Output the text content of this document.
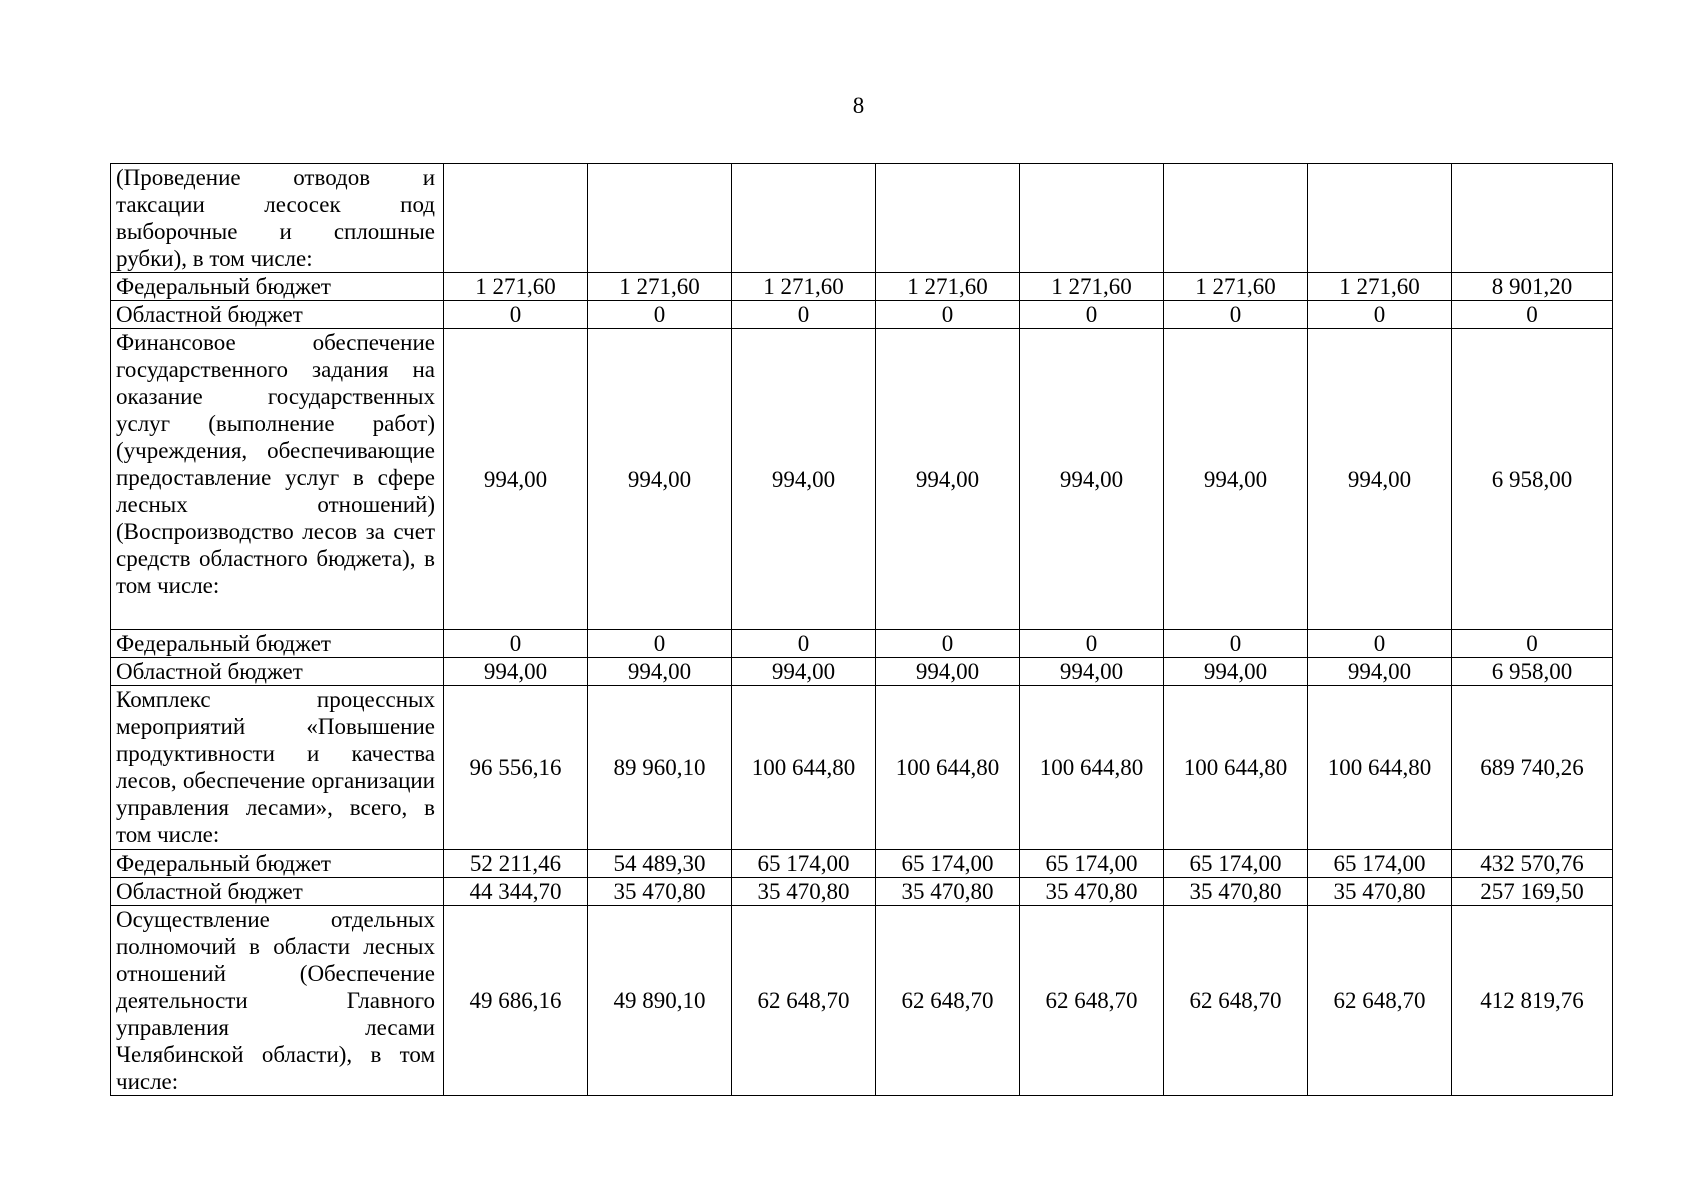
8
(Проведение отводов и таксации лесосек под выборочные и сплошные рубки), в том числе:								
Федеральный бюджет	1 271,60	1 271,60	1 271,60	1 271,60	1 271,60	1 271,60	1 271,60	8 901,20
Областной бюджет	0	0	0	0	0	0	0	0
Финансовое обеспечение государственного задания на оказание государственных услуг (выполнение работ) (учреждения, обеспечивающие предоставление услуг в сфере лесных отношений) (Воспроизводство лесов за счет средств областного бюджета), в том числе:	994,00	994,00	994,00	994,00	994,00	994,00	994,00	6 958,00
Федеральный бюджет	0	0	0	0	0	0	0	0
Областной бюджет	994,00	994,00	994,00	994,00	994,00	994,00	994,00	6 958,00
Комплекс процессных мероприятий «Повышение продуктивности и качества лесов, обеспечение организации управления лесами», всего, в том числе:	96 556,16	89 960,10	100 644,80	100 644,80	100 644,80	100 644,80	100 644,80	689 740,26
Федеральный бюджет	52 211,46	54 489,30	65 174,00	65 174,00	65 174,00	65 174,00	65 174,00	432 570,76
Областной бюджет	44 344,70	35 470,80	35 470,80	35 470,80	35 470,80	35 470,80	35 470,80	257 169,50
Осуществление отдельных полномочий в области лесных отношений (Обеспечение деятельности Главного управления лесами Челябинской области), в том числе:	49 686,16	49 890,10	62 648,70	62 648,70	62 648,70	62 648,70	62 648,70	412 819,76
